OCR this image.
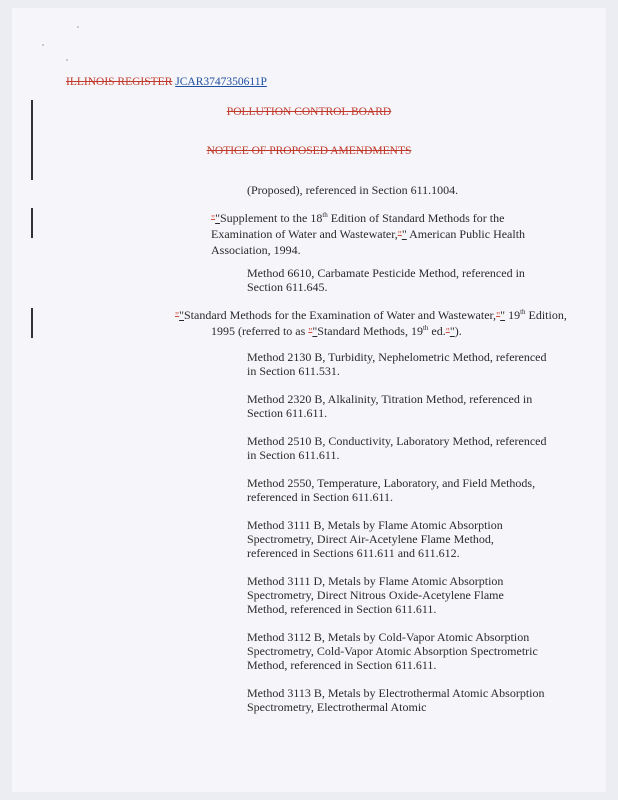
ILLINOIS REGISTER JCAR3747350611P
POLLUTION CONTROL BOARD
NOTICE OF PROPOSED AMENDMENTS
(Proposed), referenced in Section 611.1004.
""Supplement to the 18th Edition of Standard Methods for the Examination of Water and Wastewater,"" American Public Health Association, 1994.
Method 6610, Carbamate Pesticide Method, referenced in Section 611.645.
""Standard Methods for the Examination of Water and Wastewater,"" 19th Edition, 1995 (referred to as ""Standard Methods, 19th ed."").
Method 2130 B, Turbidity, Nephelometric Method, referenced in Section 611.531.
Method 2320 B, Alkalinity, Titration Method, referenced in Section 611.611.
Method 2510 B, Conductivity, Laboratory Method, referenced in Section 611.611.
Method 2550, Temperature, Laboratory, and Field Methods, referenced in Section 611.611.
Method 3111 B, Metals by Flame Atomic Absorption Spectrometry, Direct Air-Acetylene Flame Method, referenced in Sections 611.611 and 611.612.
Method 3111 D, Metals by Flame Atomic Absorption Spectrometry, Direct Nitrous Oxide-Acetylene Flame Method, referenced in Section 611.611.
Method 3112 B, Metals by Cold-Vapor Atomic Absorption Spectrometry, Cold-Vapor Atomic Absorption Spectrometric Method, referenced in Section 611.611.
Method 3113 B, Metals by Electrothermal Atomic Absorption Spectrometry, Electrothermal Atomic
